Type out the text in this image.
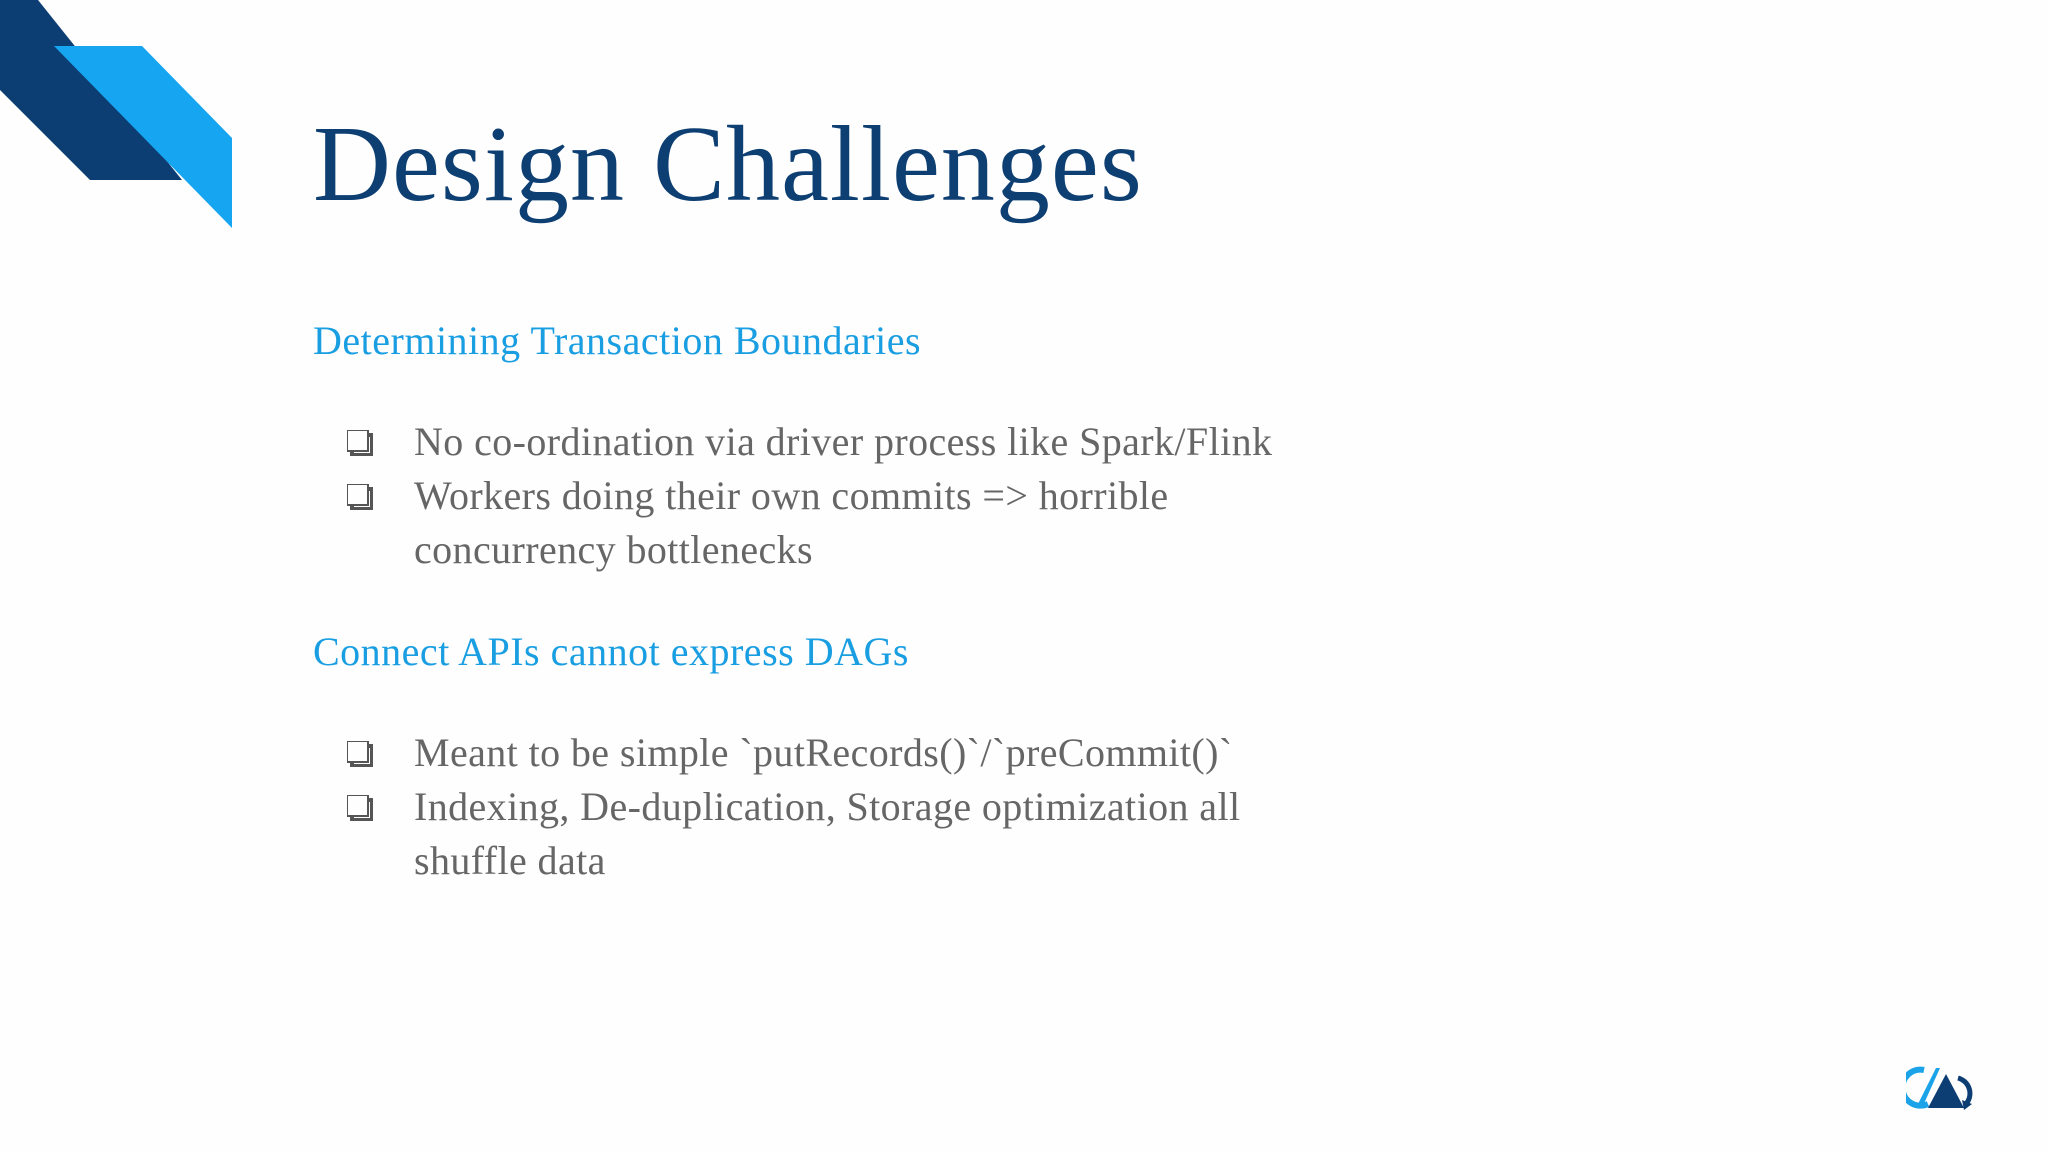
Design Challenges
Determining Transaction Boundaries
No co-ordination via driver process like Spark/Flink
Workers doing their own commits => horrible concurrency bottlenecks
Connect APIs cannot express DAGs
Meant to be simple `putRecords()`/`preCommit()`
Indexing, De-duplication, Storage optimization all shuffle data
